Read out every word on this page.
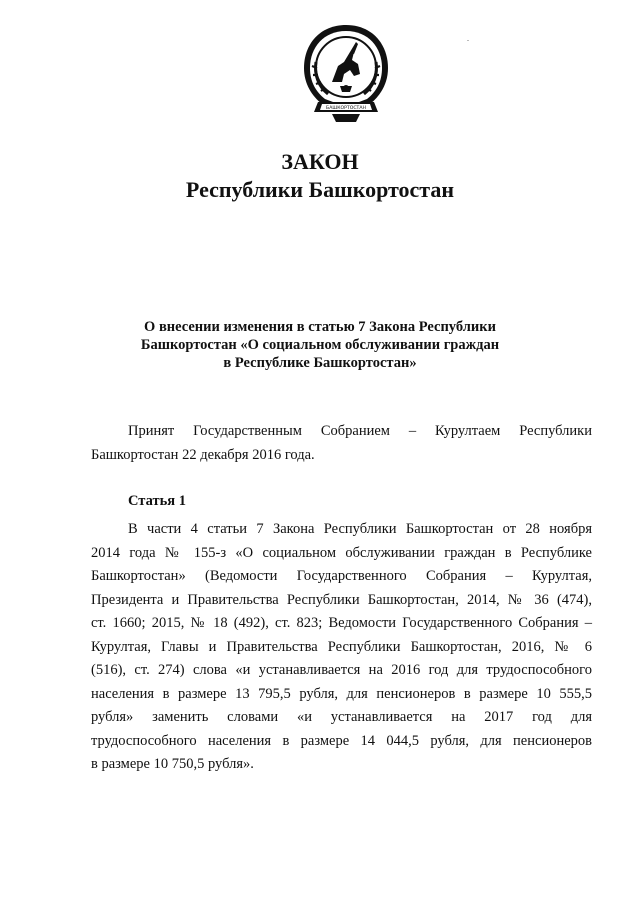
БАШКОРТОСТАН
ЗАКОН
Республики Башкортостан
О внесении изменения в статью 7 Закона Республики
Башкортостан «О социальном обслуживании граждан
в Республике Башкортостан»
Принят Государственным Собранием – Курултаем Республики
Башкортостан 22 декабря 2016 года.
Статья 1
В части 4 статьи 7 Закона Республики Башкортостан от 28 ноября
2014 года № 155-з «О социальном обслуживании граждан в Республике
Башкортостан» (Ведомости Государственного Собрания – Курултая,
Президента и Правительства Республики Башкортостан, 2014, № 36 (474),
ст. 1660; 2015, № 18 (492), ст. 823; Ведомости Государственного Собрания –
Курултая, Главы и Правительства Республики Башкортостан, 2016, № 6
(516), ст. 274) слова «и устанавливается на 2016 год для трудоспособного
населения в размере 13 795,5 рубля, для пенсионеров в размере 10 555,5
рубля» заменить словами «и устанавливается на 2017 год для
трудоспособного населения в размере 14 044,5 рубля, для пенсионеров
в размере 10 750,5 рубля».
